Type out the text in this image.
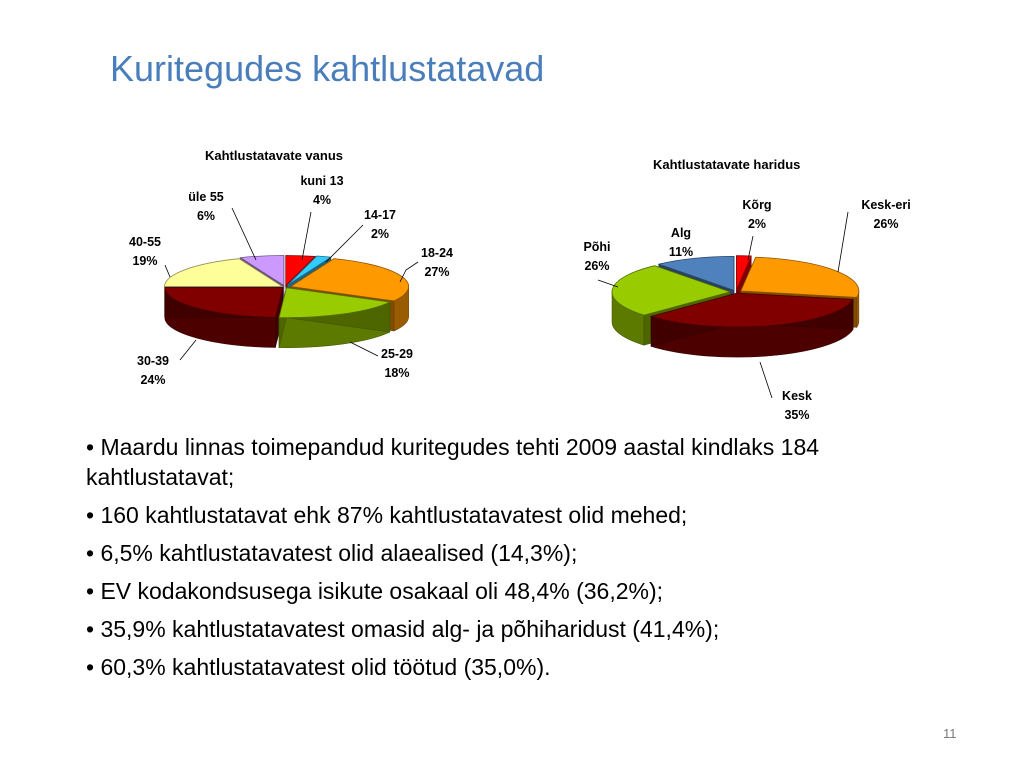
Kuritegudes kahtlustatavad
Kahtlustatavate vanus
Kahtlustatavate haridus
kuni 13
4%
14-17
2%
18-24
27%
25-29
18%
30-39
24%
40-55
19%
üle 55
6%
Kõrg
2%
Kesk-eri
26%
Kesk
35%
Põhi
26%
Alg
11%
• Maardu linnas toimepandud kuritegudes tehti 2009 aastal kindlaks 184 kahtlustatavat;
• 160 kahtlustatavat ehk 87% kahtlustatavatest olid mehed;
• 6,5% kahtlustatavatest olid alaealised (14,3%);
• EV kodakondsusega isikute osakaal oli 48,4% (36,2%);
• 35,9% kahtlustatavatest omasid alg- ja põhiharidust (41,4%);
• 60,3% kahtlustatavatest olid töötud (35,0%).
11
